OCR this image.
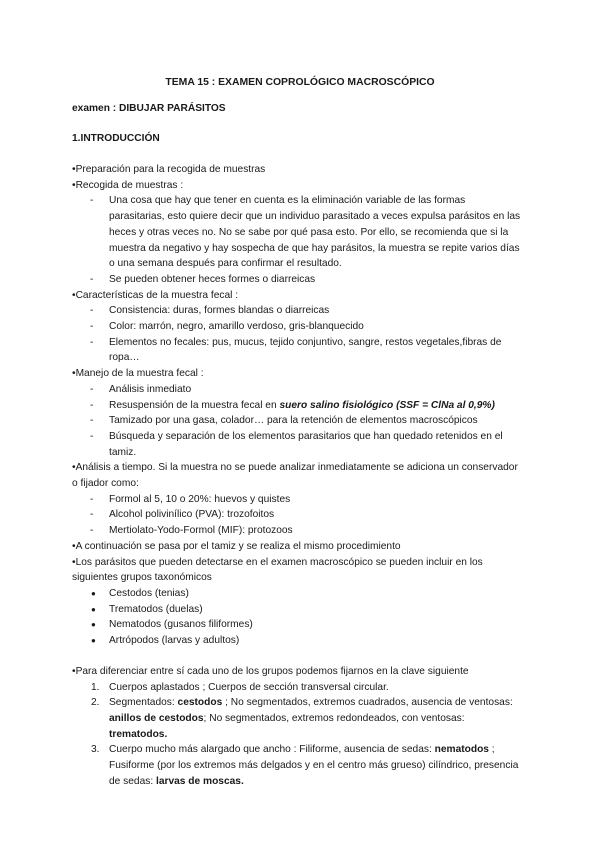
TEMA 15 : EXAMEN COPROLÓGICO MACROSCÓPICO
examen : DIBUJAR PARÁSITOS
1.INTRODUCCIÓN
•Preparación para la recogida de muestras
•Recogida de muestras :
- Una cosa que hay que tener en cuenta es la eliminación variable de las formas parasitarias, esto quiere decir que un individuo parasitado a veces expulsa parásitos en las heces y otras veces no. No se sabe por qué pasa esto. Por ello, se recomienda que si la muestra da negativo y hay sospecha de que hay parásitos, la muestra se repite varios días o una semana después para confirmar el resultado.
- Se pueden obtener heces formes o diarreicas
•Características de la muestra fecal :
- Consistencia: duras, formes blandas o diarreicas
- Color: marrón, negro, amarillo verdoso, gris-blanquecido
- Elementos no fecales: pus, mucus, tejido conjuntivo, sangre, restos vegetales,fibras de ropa…
•Manejo de la muestra fecal :
- Análisis inmediato
- Resuspensión de la muestra fecal en suero salino fisiológico (SSF = ClNa al 0,9%)
- Tamizado por una gasa, colador… para la retención de elementos macroscópicos
- Búsqueda y separación de los elementos parasitarios que han quedado retenidos en el tamiz.
•Análisis a tiempo. Si la muestra no se puede analizar inmediatamente se adiciona un conservador o fijador como:
- Formol al 5, 10 o 20%: huevos y quistes
- Alcohol polivinílico (PVA): trozofoitos
- Mertiolato-Yodo-Formol (MIF): protozoos
•A continuación se pasa por el tamiz y se realiza el mismo procedimiento
•Los parásitos que pueden detectarse en el examen macroscópico se pueden incluir en los siguientes grupos taxonómicos
● Cestodos (tenias)
● Trematodos (duelas)
● Nematodos (gusanos filiformes)
● Artrópodos (larvas y adultos)
•Para diferenciar entre sí cada uno de los grupos podemos fijarnos en la clave siguiente
1. Cuerpos aplastados ; Cuerpos de sección transversal circular.
2. Segmentados: cestodos ; No segmentados, extremos cuadrados, ausencia de ventosas: anillos de cestodos; No segmentados, extremos redondeados, con ventosas: trematodos.
3. Cuerpo mucho más alargado que ancho : Filiforme, ausencia de sedas: nematodos ; Fusiforme (por los extremos más delgados y en el centro más grueso) cilíndrico, presencia de sedas: larvas de moscas.
